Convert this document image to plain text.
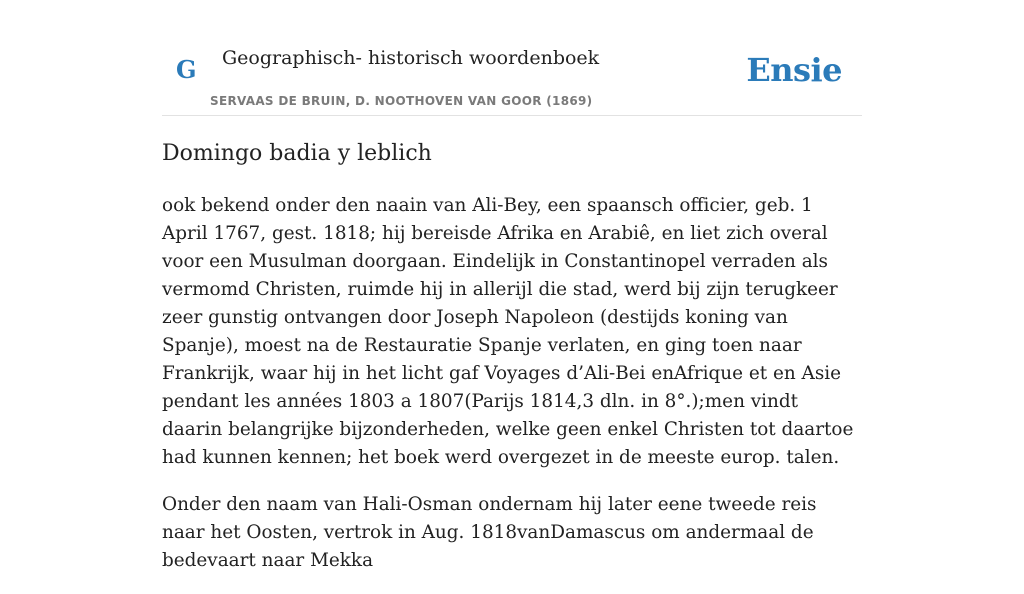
G Geographisch- historisch woordenboek
SERVAAS DE BRUIN, D. NOOTHOVEN VAN GOOR (1869)
Ensie
Domingo badia y leblich

ook bekend onder den naain van Ali-Bey, een spaansch officier, geb. 1 April 1767, gest. 1818; hij bereisde Afrika en Arabiê, en liet zich overal voor een Musulman doorgaan. Eindelijk in Constantinopel verraden als vermomd Christen, ruimde hij in allerijl die stad, werd bij zijn terugkeer zeer gunstig ontvangen door Joseph Napoleon (destijds koning van Spanje), moest na de Restauratie Spanje verlaten, en ging toen naar Frankrijk, waar hij in het licht gaf Voyages d’Ali-Bei enAfrique et en Asie pendant les années 1803 a 1807(Parijs 1814,3 dln. in 8°.);men vindt daarin belangrijke bijzonderheden, welke geen enkel Christen tot daartoe had kunnen kennen; het boek werd overgezet in de meeste europ. talen.

Onder den naam van Hali-Osman ondernam hij later eene tweede reis naar het Oosten, vertrok in Aug. 1818vanDamascus om andermaal de bedevaart naar Mekka
